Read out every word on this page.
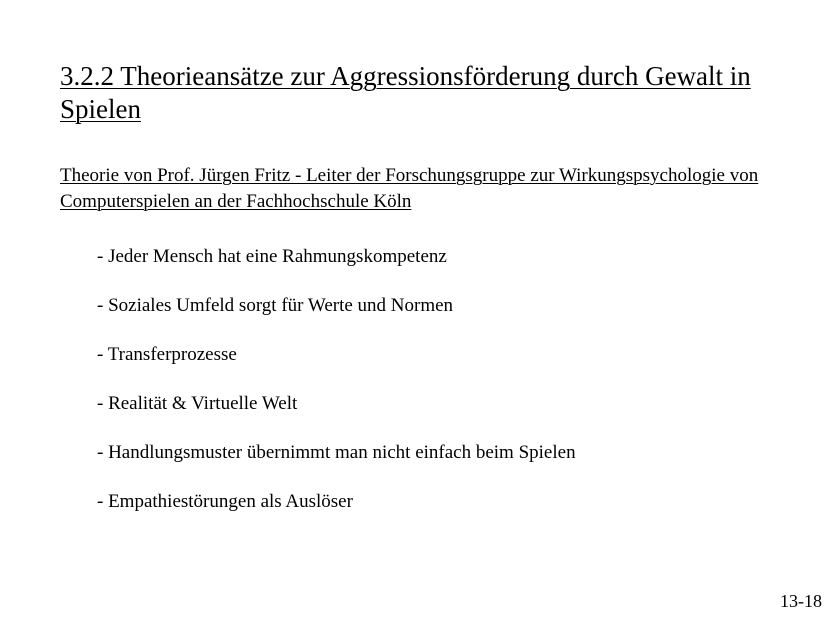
3.2.2 Theorieansätze zur Aggressionsförderung durch Gewalt in Spielen

Theorie von Prof. Jürgen Fritz - Leiter der Forschungsgruppe zur Wirkungspsychologie von Computerspielen an der Fachhochschule Köln

- Jeder Mensch hat eine Rahmungskompetenz
- Soziales Umfeld sorgt für Werte und Normen
- Transferprozesse
- Realität & Virtuelle Welt
- Handlungsmuster übernimmt man nicht einfach beim Spielen
- Empathiestörungen als Auslöser
13-18
